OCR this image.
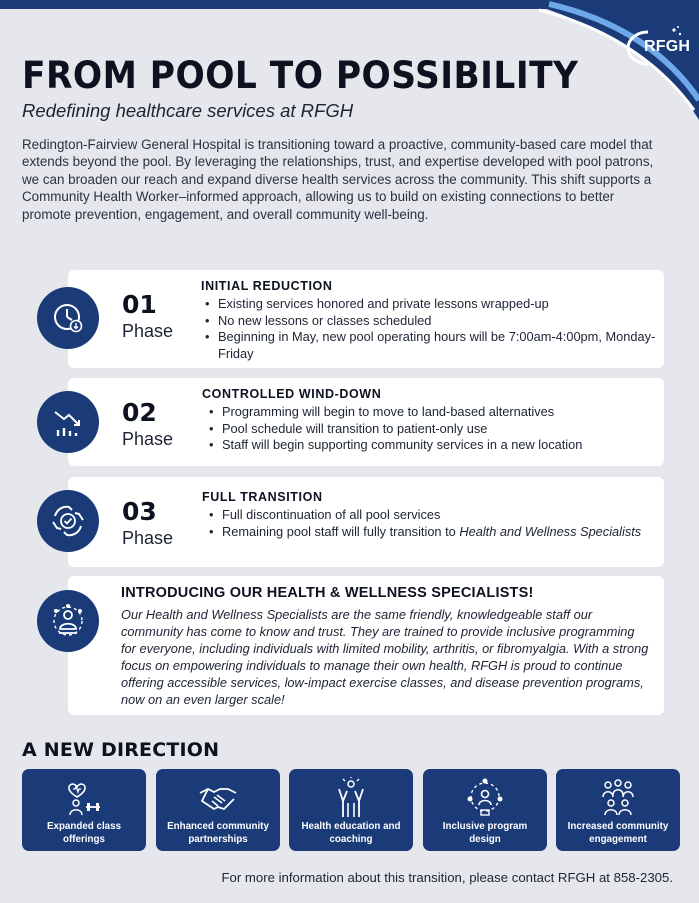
RFGH
FROM POOL TO POSSIBILITY
Redefining healthcare services at RFGH

Redington-Fairview General Hospital is transitioning toward a proactive, community-based care model that extends beyond the pool. By leveraging the relationships, trust, and expertise developed with pool patrons, we can broaden our reach and expand diverse health services across the community. This shift supports a Community Health Worker–informed approach, allowing us to build on existing connections to better promote prevention, engagement, and overall community well-being.

01
Phase
INITIAL REDUCTION
• Existing services honored and private lessons wrapped-up
• No new lessons or classes scheduled
• Beginning in May, new pool operating hours will be 7:00am-4:00pm, Monday-Friday
02
Phase
CONTROLLED WIND-DOWN
• Programming will begin to move to land-based alternatives
• Pool schedule will transition to patient-only use
• Staff will begin supporting community services in a new location
03
Phase
FULL TRANSITION
• Full discontinuation of all pool services
• Remaining pool staff will fully transition to Health and Wellness Specialists
INTRODUCING OUR HEALTH & WELLNESS SPECIALISTS!

Our Health and Wellness Specialists are the same friendly, knowledgeable staff our community has come to know and trust. They are trained to provide inclusive programming for everyone, including individuals with limited mobility, arthritis, or fibromyalgia. With a strong focus on empowering individuals to manage their own health, RFGH is proud to continue offering accessible services, low-impact exercise classes, and disease prevention programs, now on an even larger scale!

A NEW DIRECTION
Expanded class offerings
Enhanced community partnerships
Health education and coaching
Inclusive program design
Increased community engagement
For more information about this transition, please contact RFGH at 858-2305.
